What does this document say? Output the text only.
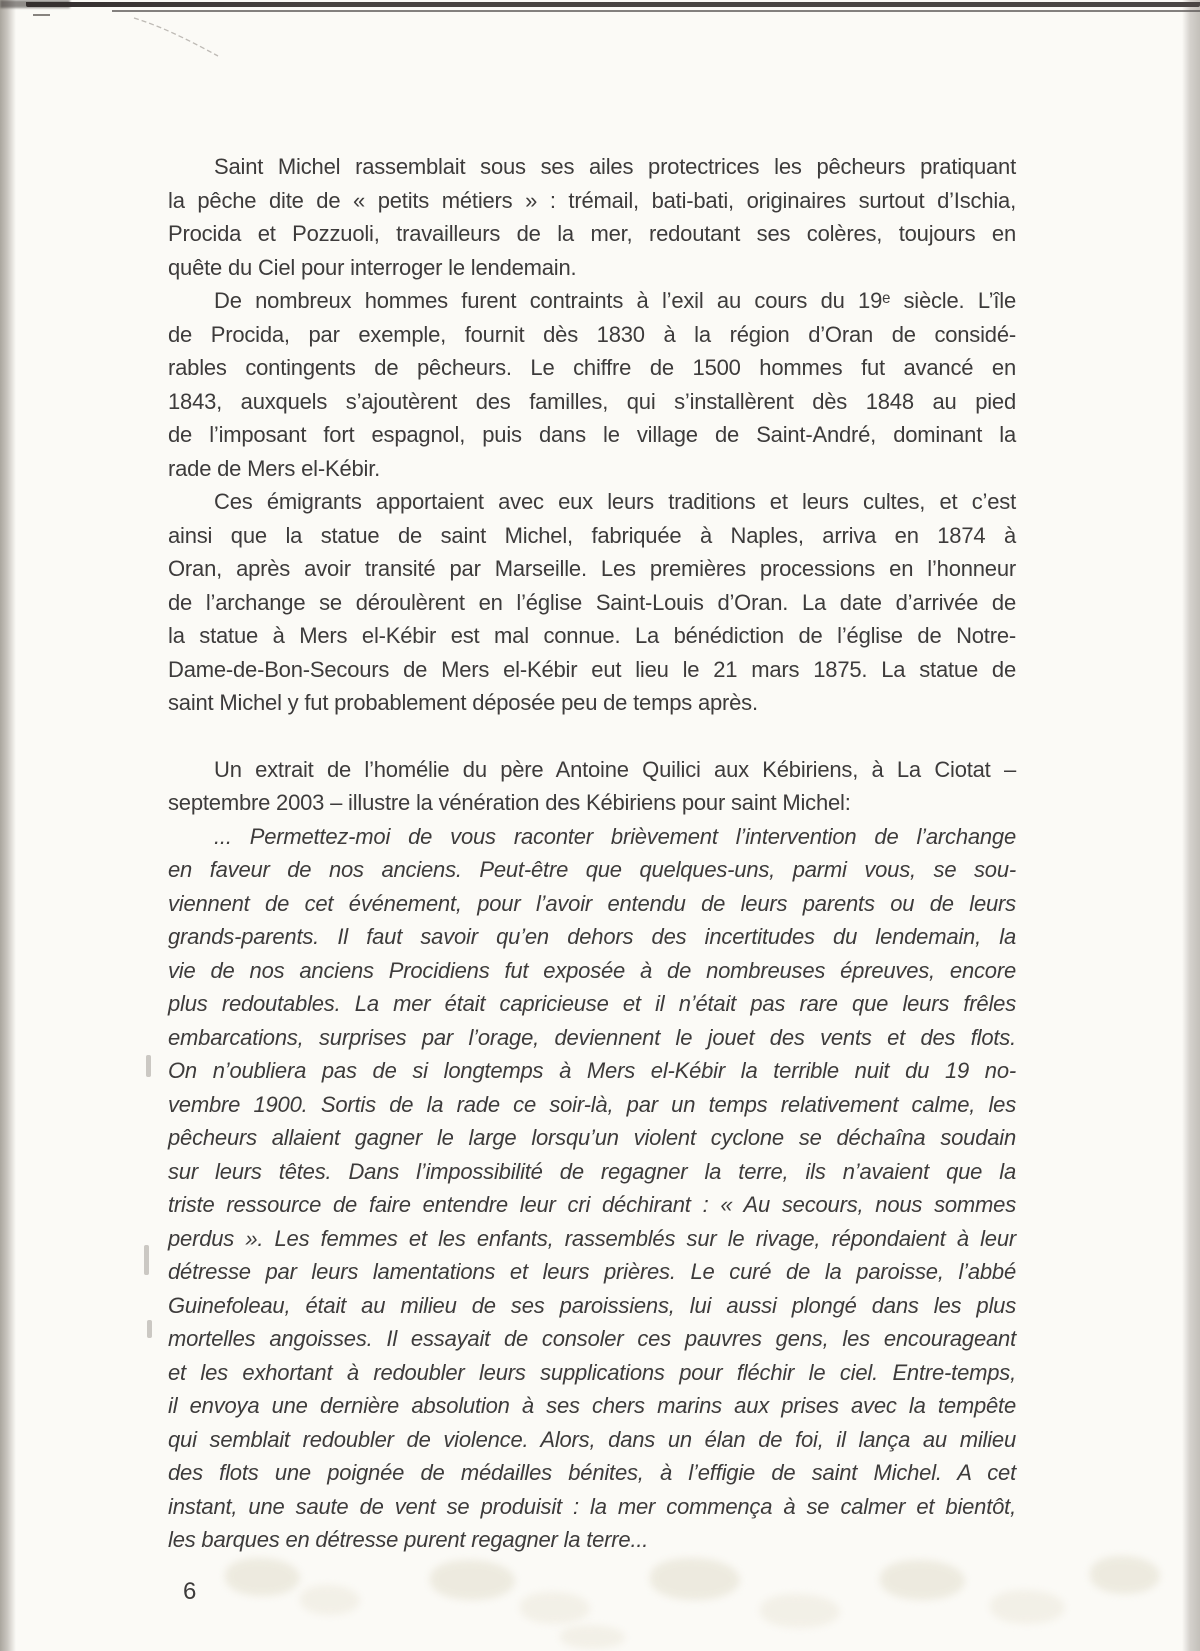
Saint Michel rassemblait sous ses ailes protectrices les pêcheurs pratiquant
la pêche dite de « petits métiers » : trémail, bati-bati, originaires surtout d’Ischia,
Procida et Pozzuoli, travailleurs de la mer, redoutant ses colères, toujours en
quête du Ciel pour interroger le lendemain.
De nombreux hommes furent contraints à l’exil au cours du 19ᵉ siècle. L’île
de Procida, par exemple, fournit dès 1830 à la région d’Oran de considé-
rables contingents de pêcheurs. Le chiffre de 1500 hommes fut avancé en
1843, auxquels s’ajoutèrent des familles, qui s’installèrent dès 1848 au pied
de l’imposant fort espagnol, puis dans le village de Saint-André, dominant la
rade de Mers el-Kébir.
Ces émigrants apportaient avec eux leurs traditions et leurs cultes, et c’est
ainsi que la statue de saint Michel, fabriquée à Naples, arriva en 1874 à
Oran, après avoir transité par Marseille. Les premières processions en l’honneur
de l’archange se déroulèrent en l’église Saint-Louis d’Oran. La date d’arrivée de
la statue à Mers el-Kébir est mal connue. La bénédiction de l’église de Notre-
Dame-de-Bon-Secours de Mers el-Kébir eut lieu le 21 mars 1875. La statue de
saint Michel y fut probablement déposée peu de temps après.
Un extrait de l’homélie du père Antoine Quilici aux Kébiriens, à La Ciotat –
septembre 2003 – illustre la vénération des Kébiriens pour saint Michel:
... Permettez-moi de vous raconter brièvement l’intervention de l’archange
en faveur de nos anciens. Peut-être que quelques-uns, parmi vous, se sou-
viennent de cet événement, pour l’avoir entendu de leurs parents ou de leurs
grands-parents. Il faut savoir qu’en dehors des incertitudes du lendemain, la
vie de nos anciens Procidiens fut exposée à de nombreuses épreuves, encore
plus redoutables. La mer était capricieuse et il n’était pas rare que leurs frêles
embarcations, surprises par l’orage, deviennent le jouet des vents et des flots.
On n’oubliera pas de si longtemps à Mers el-Kébir la terrible nuit du 19 no-
vembre 1900. Sortis de la rade ce soir-là, par un temps relativement calme, les
pêcheurs allaient gagner le large lorsqu’un violent cyclone se déchaîna soudain
sur leurs têtes. Dans l’impossibilité de regagner la terre, ils n’avaient que la
triste ressource de faire entendre leur cri déchirant : « Au secours, nous sommes
perdus ». Les femmes et les enfants, rassemblés sur le rivage, répondaient à leur
détresse par leurs lamentations et leurs prières. Le curé de la paroisse, l’abbé
Guinefoleau, était au milieu de ses paroissiens, lui aussi plongé dans les plus
mortelles angoisses. Il essayait de consoler ces pauvres gens, les encourageant
et les exhortant à redoubler leurs supplications pour fléchir le ciel. Entre-temps,
il envoya une dernière absolution à ses chers marins aux prises avec la tempête
qui semblait redoubler de violence. Alors, dans un élan de foi, il lança au milieu
des flots une poignée de médailles bénites, à l’effigie de saint Michel. A cet
instant, une saute de vent se produisit : la mer commença à se calmer et bientôt,
les barques en détresse purent regagner la terre...
6
